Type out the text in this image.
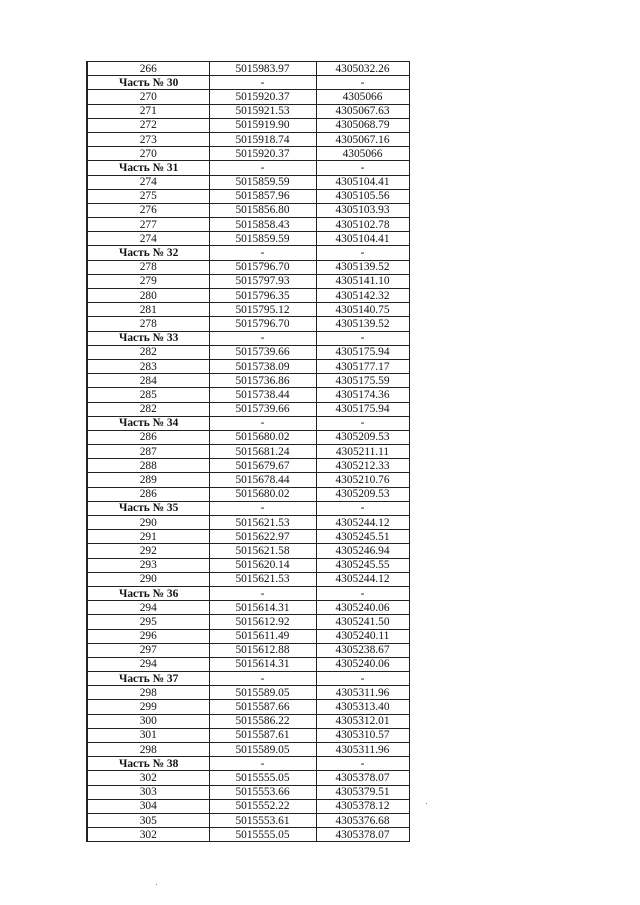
266	5015983.97	4305032.26
Часть № 30	-	-
270	5015920.37	4305066
271	5015921.53	4305067.63
272	5015919.90	4305068.79
273	5015918.74	4305067.16
270	5015920.37	4305066
Часть № 31	-	-
274	5015859.59	4305104.41
275	5015857.96	4305105.56
276	5015856.80	4305103.93
277	5015858.43	4305102.78
274	5015859.59	4305104.41
Часть № 32	-	-
278	5015796.70	4305139.52
279	5015797.93	4305141.10
280	5015796.35	4305142.32
281	5015795.12	4305140.75
278	5015796.70	4305139.52
Часть № 33	-	-
282	5015739.66	4305175.94
283	5015738.09	4305177.17
284	5015736.86	4305175.59
285	5015738.44	4305174.36
282	5015739.66	4305175.94
Часть № 34	-	-
286	5015680.02	4305209.53
287	5015681.24	4305211.11
288	5015679.67	4305212.33
289	5015678.44	4305210.76
286	5015680.02	4305209.53
Часть № 35	-	-
290	5015621.53	4305244.12
291	5015622.97	4305245.51
292	5015621.58	4305246.94
293	5015620.14	4305245.55
290	5015621.53	4305244.12
Часть № 36	-	-
294	5015614.31	4305240.06
295	5015612.92	4305241.50
296	5015611.49	4305240.11
297	5015612.88	4305238.67
294	5015614.31	4305240.06
Часть № 37	-	-
298	5015589.05	4305311.96
299	5015587.66	4305313.40
300	5015586.22	4305312.01
301	5015587.61	4305310.57
298	5015589.05	4305311.96
Часть № 38	-	-
302	5015555.05	4305378.07
303	5015553.66	4305379.51
304	5015552.22	4305378.12
305	5015553.61	4305376.68
302	5015555.05	4305378.07
